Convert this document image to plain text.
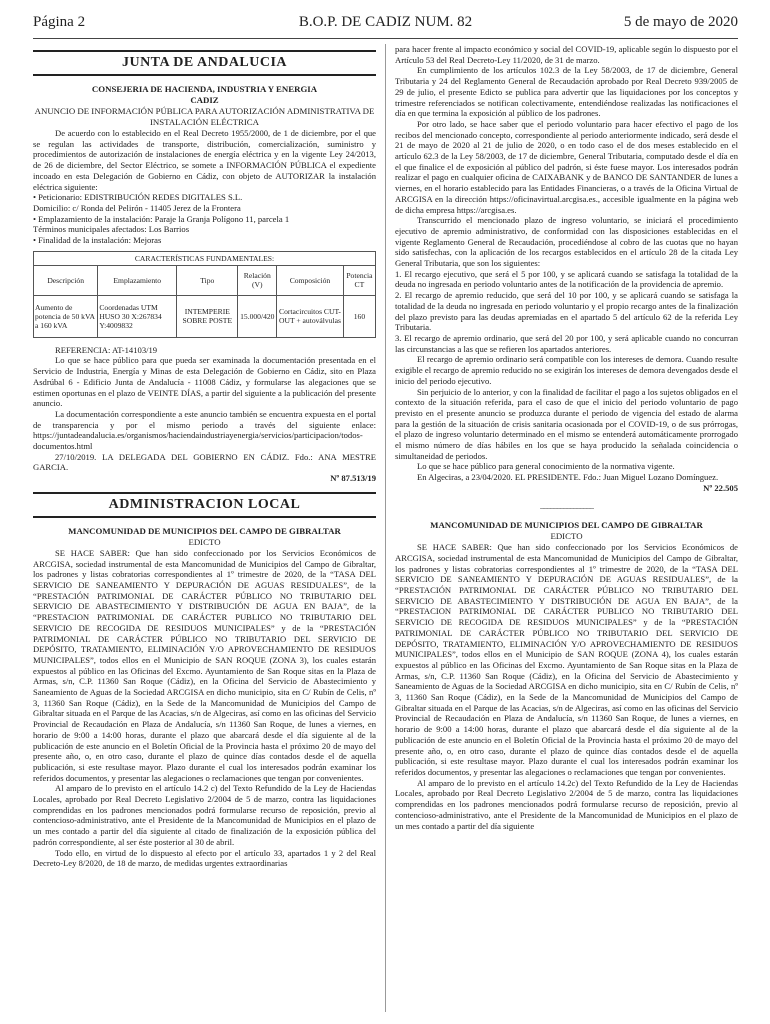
Página 2	B.O.P. DE CADIZ NUM. 82	5 de mayo de 2020
JUNTA DE ANDALUCIA
CONSEJERIA DE HACIENDA, INDUSTRIA Y ENERGIA
CADIZ
ANUNCIO DE INFORMACIÓN PÚBLICA PARA AUTORIZACIÓN ADMINISTRATIVA DE INSTALACIÓN ELÉCTRICA

De acuerdo con lo establecido en el Real Decreto 1955/2000, de 1 de diciembre, por el que se regulan las actividades de transporte, distribución, comercialización, suministro y procedimientos de autorización de instalaciones de energía eléctrica y en la vigente Ley 24/2013, de 26 de diciembre, del Sector Eléctrico, se somete a INFORMACIÓN PÚBLICA el expediente incoado en esta Delegación de Gobierno en Cádiz, con objeto de AUTORIZAR la instalación eléctrica siguiente:

• Peticionario: EDISTRIBUCIÓN REDES DIGITALES S.L.

Domicilio: c/ Ronda del Pelirón - 11405 Jerez de la Frontera

• Emplazamiento de la instalación: Paraje la Granja Polígono 11, parcela 1

Términos municipales afectados: Los Barrios

• Finalidad de la instalación: Mejoras

CARACTERÍSTICAS FUNDAMENTALES:					
Descripción	Emplazamiento	Tipo	Relación (V)	Composición	Potencia CT
Aumento de potencia de 50 kVA a 160 kVA	Coordenadas UTM HUSO 30 X:267834 Y:4009832	INTEMPERIE SOBRE POSTE	15.000/420	Cortacircuitos CUT-OUT + autoválvulas	160

REFERENCIA: AT-14103/19

Lo que se hace público para que pueda ser examinada la documentación presentada en el Servicio de Industria, Energía y Minas de esta Delegación de Gobierno en Cádiz, sito en Plaza Asdrúbal 6 - Edificio Junta de Andalucía - 11008 Cádiz, y formularse las alegaciones que se estimen oportunas en el plazo de VEINTE DÍAS, a partir del siguiente a la publicación del presente anuncio.

La documentación correspondiente a este anuncio también se encuentra expuesta en el portal de transparencia y por el mismo periodo a través del siguiente enlace: https://juntadeandalucia.es/organismos/haciendaindustriayenergia/servicios/participacion/todos-documentos.html

27/10/2019. LA DELEGADA DEL GOBIERNO EN CÁDIZ. Fdo.: ANA MESTRE GARCIA.

Nº 87.513/19
ADMINISTRACION LOCAL
MANCOMUNIDAD DE MUNICIPIOS DEL CAMPO DE GIBRALTAR
EDICTO

SE HACE SABER: Que han sido confeccionado por los Servicios Económicos de ARCGISA, sociedad instrumental de esta Mancomunidad de Municipios del Campo de Gibraltar, los padrones y listas cobratorias correspondientes al 1º trimestre de 2020, de la “TASA DEL SERVICIO DE SANEAMIENTO Y DEPURACIÓN DE AGUAS RESIDUALES”, de la “PRESTACIÓN PATRIMONIAL DE CARÁCTER PÚBLICO NO TRIBUTARIO DEL SERVICIO DE ABASTECIMIENTO Y DISTRIBUCIÓN DE AGUA EN BAJA”, de la “PRESTACION PATRIMONIAL DE CARÁCTER PUBLICO NO TRIBUTARIO DEL SERVICIO DE RECOGIDA DE RESIDUOS MUNICIPALES” y de la “PRESTACIÓN PATRIMONIAL DE CARÁCTER PÚBLICO NO TRIBUTARIO DEL SERVICIO DE DEPÓSITO, TRATAMIENTO, ELIMINACIÓN Y/O APROVECHAMIENTO DE RESIDUOS MUNICIPALES”, todos ellos en el Municipio de SAN ROQUE (ZONA 3), los cuales estarán expuestos al público en las Oficinas del Excmo. Ayuntamiento de San Roque sitas en la Plaza de Armas, s/n, C.P. 11360 San Roque (Cádiz), en la Oficina del Servicio de Abastecimiento y Saneamiento de Aguas de la Sociedad ARCGISA en dicho municipio, sita en C/ Rubín de Celis, nº 3, 11360 San Roque (Cádiz), en la Sede de la Mancomunidad de Municipios del Campo de Gibraltar situada en el Parque de las Acacias, s/n de Algeciras, así como en las oficinas del Servicio Provincial de Recaudación en Plaza de Andalucía, s/n 11360 San Roque, de lunes a viernes, en horario de 9:00 a 14:00 horas, durante el plazo que abarcará desde el día siguiente al de la publicación de este anuncio en el Boletín Oficial de la Provincia hasta el próximo 20 de mayo del presente año, o, en otro caso, durante el plazo de quince días contados desde el de aquella publicación, si este resultase mayor. Plazo durante el cual los interesados podrán examinar los referidos documentos, y presentar las alegaciones o reclamaciones que tengan por convenientes.

Al amparo de lo previsto en el artículo 14.2 c) del Texto Refundido de la Ley de Haciendas Locales, aprobado por Real Decreto Legislativo 2/2004 de 5 de marzo, contra las liquidaciones comprendidas en los padrones mencionados podrá formularse recurso de reposición, previo al contencioso-administrativo, ante el Presidente de la Mancomunidad de Municipios en el plazo de un mes contado a partir del día siguiente al citado de finalización de la exposición pública del padrón correspondiente, al ser éste posterior al 30 de abril.

Todo ello, en virtud de lo dispuesto al efecto por el artículo 33, apartados 1 y 2 del Real Decreto-Ley 8/2020, de 18 de marzo, de medidas urgentes extraordinarias

para hacer frente al impacto económico y social del COVID-19, aplicable según lo dispuesto por el Artículo 53 del Real Decreto-Ley 11/2020, de 31 de marzo.

En cumplimiento de los artículos 102.3 de la Ley 58/2003, de 17 de diciembre, General Tributaria y 24 del Reglamento General de Recaudación aprobado por Real Decreto 939/2005 de 29 de julio, el presente Edicto se publica para advertir que las liquidaciones por los conceptos y trimestre referenciados se notifican colectivamente, entendiéndose realizadas las notificaciones el día en que termina la exposición al público de los padrones.

Por otro lado, se hace saber que el periodo voluntario para hacer efectivo el pago de los recibos del mencionado concepto, correspondiente al periodo anteriormente indicado, será desde el 21 de mayo de 2020 al 21 de julio de 2020, o en todo caso el de dos meses establecido en el artículo 62.3 de la Ley 58/2003, de 17 de diciembre, General Tributaria, computado desde el día en el que finalice el de exposición al público del padrón, si éste fuese mayor. Los interesados podrán realizar el pago en cualquier oficina de CAIXABANK y de BANCO DE SANTANDER de lunes a viernes, en el horario establecido para las Entidades Financieras, o a través de la Oficina Virtual de ARCGISA en la dirección https://oficinavirtual.arcgisa.es., accesible igualmente en la página web de dicha empresa https://arcgisa.es.

Transcurrido el mencionado plazo de ingreso voluntario, se iniciará el procedimiento ejecutivo de apremio administrativo, de conformidad con las disposiciones establecidas en el vigente Reglamento General de Recaudación, procediéndose al cobro de las cuotas que no hayan sido satisfechas, con la aplicación de los recargos establecidos en el artículo 28 de la citada Ley General Tributaria, que son los siguientes:

1. El recargo ejecutivo, que será el 5 por 100, y se aplicará cuando se satisfaga la totalidad de la deuda no ingresada en periodo voluntario antes de la notificación de la providencia de apremio.

2. El recargo de apremio reducido, que será del 10 por 100, y se aplicará cuando se satisfaga la totalidad de la deuda no ingresada en periodo voluntario y el propio recargo antes de la finalización del plazo previsto para las deudas apremiadas en el apartado 5 del artículo 62 de la referida Ley Tributaria.

3. El recargo de apremio ordinario, que será del 20 por 100, y será aplicable cuando no concurran las circunstancias a las que se refieren los apartados anteriores.

El recargo de apremio ordinario será compatible con los intereses de demora. Cuando resulte exigible el recargo de apremio reducido no se exigirán los intereses de demora devengados desde el inicio del periodo ejecutivo.

Sin perjuicio de lo anterior, y con la finalidad de facilitar el pago a los sujetos obligados en el contexto de la situación referida, para el caso de que el inicio del periodo voluntario de pago previsto en el presente anuncio se produzca durante el periodo de vigencia del estado de alarma para la gestión de la situación de crisis sanitaria ocasionada por el COVID-19, o de sus prórrogas, el plazo de ingreso voluntario determinado en el mismo se entenderá automáticamente prorrogado el mismo número de días hábiles en los que se haya producido la señalada coincidencia o simultaneidad de periodos.

Lo que se hace público para general conocimiento de la normativa vigente.

En Algeciras, a 23/04/2020. EL PRESIDENTE. Fdo.: Juan Miguel Lozano Domínguez.

Nº 22.505
________________
MANCOMUNIDAD DE MUNICIPIOS DEL CAMPO DE GIBRALTAR
EDICTO

SE HACE SABER: Que han sido confeccionado por los Servicios Económicos de ARCGISA, sociedad instrumental de esta Mancomunidad de Municipios del Campo de Gibraltar, los padrones y listas cobratorias correspondientes al 1º trimestre de 2020, de la “TASA DEL SERVICIO DE SANEAMIENTO Y DEPURACIÓN DE AGUAS RESIDUALES”, de la “PRESTACIÓN PATRIMONIAL DE CARÁCTER PÚBLICO NO TRIBUTARIO DEL SERVICIO DE ABASTECIMIENTO Y DISTRIBUCIÓN DE AGUA EN BAJA”, de la “PRESTACION PATRIMONIAL DE CARÁCTER PUBLICO NO TRIBUTARIO DEL SERVICIO DE RECOGIDA DE RESIDUOS MUNICIPALES” y de la “PRESTACIÓN PATRIMONIAL DE CARÁCTER PÚBLICO NO TRIBUTARIO DEL SERVICIO DE DEPÓSITO, TRATAMIENTO, ELIMINACIÓN Y/O APROVECHAMIENTO DE RESIDUOS MUNICIPALES”, todos ellos en el Municipio de SAN ROQUE (ZONA 4), los cuales estarán expuestos al público en las Oficinas del Excmo. Ayuntamiento de San Roque sitas en la Plaza de Armas, s/n, C.P. 11360 San Roque (Cádiz), en la Oficina del Servicio de Abastecimiento y Saneamiento de Aguas de la Sociedad ARCGISA en dicho municipio, sita en C/ Rubín de Celis, nº 3, 11360 San Roque (Cádiz), en la Sede de la Mancomunidad de Municipios del Campo de Gibraltar situada en el Parque de las Acacias, s/n de Algeciras, así como en las oficinas del Servicio Provincial de Recaudación en Plaza de Andalucía, s/n 11360 San Roque, de lunes a viernes, en horario de 9:00 a 14:00 horas, durante el plazo que abarcará desde el día siguiente al de la publicación de este anuncio en el Boletín Oficial de la Provincia hasta el próximo 20 de mayo del presente año, o, en otro caso, durante el plazo de quince días contados desde el de aquella publicación, si este resultase mayor. Plazo durante el cual los interesados podrán examinar los referidos documentos, y presentar las alegaciones o reclamaciones que tengan por convenientes.

Al amparo de lo previsto en el artículo 14.2c) del Texto Refundido de la Ley de Haciendas Locales, aprobado por Real Decreto Legislativo 2/2004 de 5 de marzo, contra las liquidaciones comprendidas en los padrones mencionados podrá formularse recurso de reposición, previo al contencioso-administrativo, ante el Presidente de la Mancomunidad de Municipios en el plazo de un mes contado a partir del día siguiente
